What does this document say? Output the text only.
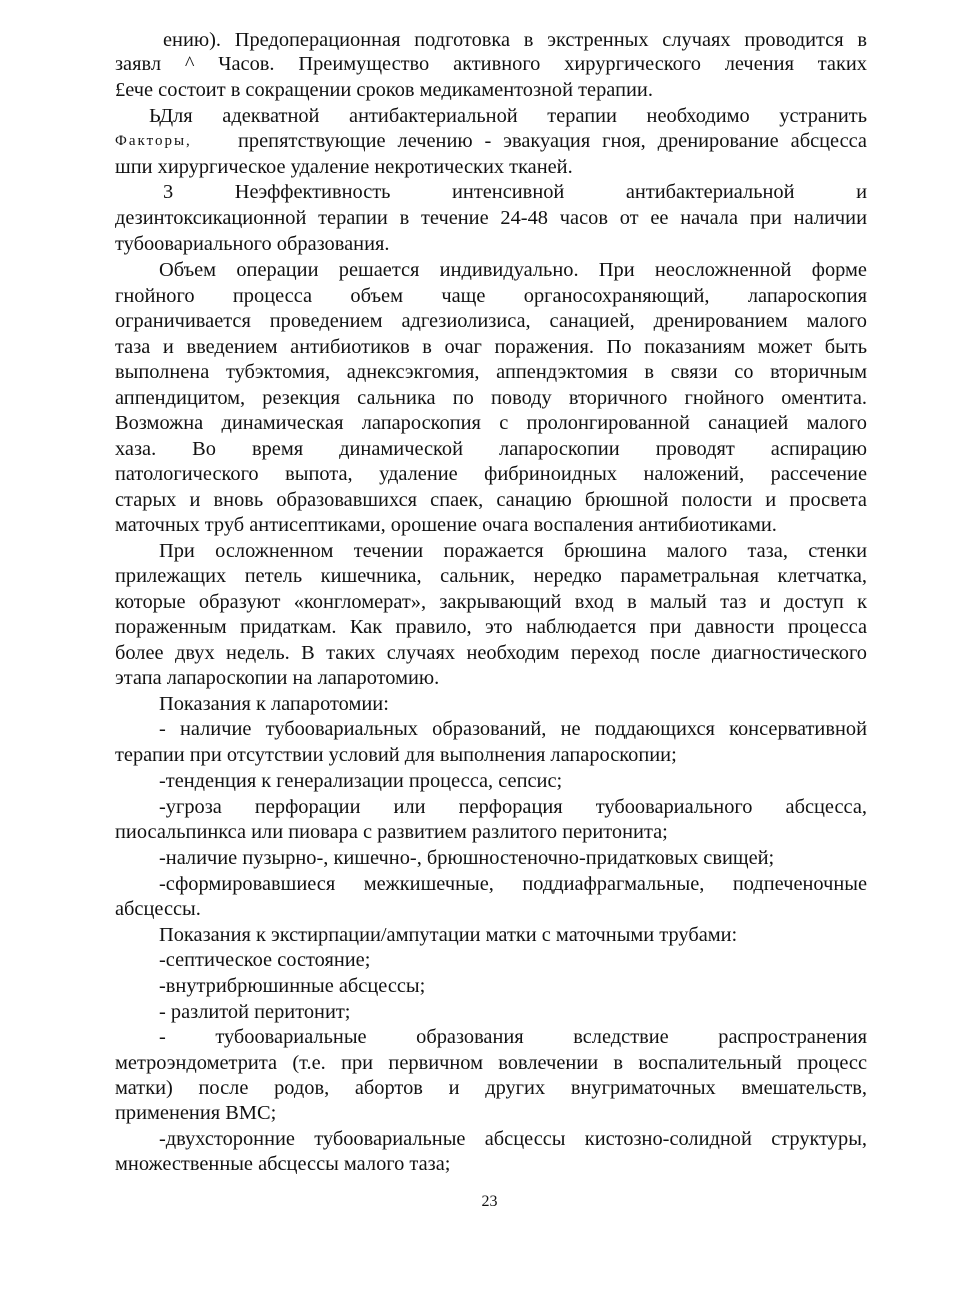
ению). Предоперационная подготовка в экстренных случаях проводится в
заявл ^ Часов. Преимущество активного хирургического лечения таких
£ече состоит в сокращении сроков медикаментозной терапии.
ЬДля адекватной антибактериальной терапии необходимо устранить
Факторы,	препятствующие лечению - эвакуация гноя, дренирование абсцесса
шпи хирургическое удаление некротических тканей.
3 Неэффективность интенсивной антибактериальной и
дезинтоксикационной терапии в течение 24-48 часов от ее начала при наличии
тубоовариального образования.
Объем операции решается индивидуально. При неосложненной форме
гнойного процесса объем чаще органосохраняющий, лапароскопия
ограничивается проведением адгезиолизиса, санацией, дренированием малого
таза и введением антибиотиков в очаг поражения. По показаниям может быть
выполнена тубэктомия, аднексэкгомия, аппендэктомия в связи со вторичным
аппендицитом, резекция сальника по поводу вторичного гнойного оментита.
Возможна динамическая лапароскопия с пролонгированной санацией малого
хаза. Во время динамической лапароскопии проводят аспирацию
патологического выпота, удаление фибриноидных наложений, рассечение
старых и вновь образовавшихся спаек, санацию брюшной полости и просвета
маточных труб антисептиками, орошение очага воспаления антибиотиками.
При осложненном течении поражается брюшина малого таза, стенки
прилежащих петель кишечника, сальник, нередко параметральная клетчатка,
которые образуют «конгломерат», закрывающий вход в малый таз и доступ к
пораженным придаткам. Как правило, это наблюдается при давности процесса
более двух недель. В таких случаях необходим переход после диагностического
этапа лапароскопии на лапаротомию.
Показания к лапаротомии:
- наличие тубоовариальных образований, не поддающихся консервативной
терапии при отсутствии условий для выполнения лапароскопии;
-тенденция к генерализации процесса, сепсис;
-угроза перфорации или перфорация тубоовариального абсцесса,
пиосальпинкса или пиовара с развитием разлитого перитонита;
-наличие пузырно-, кишечно-, брюшностеночно-придатковых свищей;
-сформировавшиеся межкишечные, поддиафрагмальные, подпеченочные
абсцессы.
Показания к экстирпации/ампутации матки с маточными трубами:
-септическое состояние;
-внутрибрюшинные абсцессы;
- разлитой перитонит;
- тубоовариальные образования вследствие распространения
метроэндометрита (т.е. при первичном вовлечении в воспалительный процесс
матки) после родов, абортов и других внугриматочных вмешательств,
применения ВМС;
-двухсторонние тубоовариальные абсцессы кистозно-солидной структуры,
множественные абсцессы малого таза;
23
